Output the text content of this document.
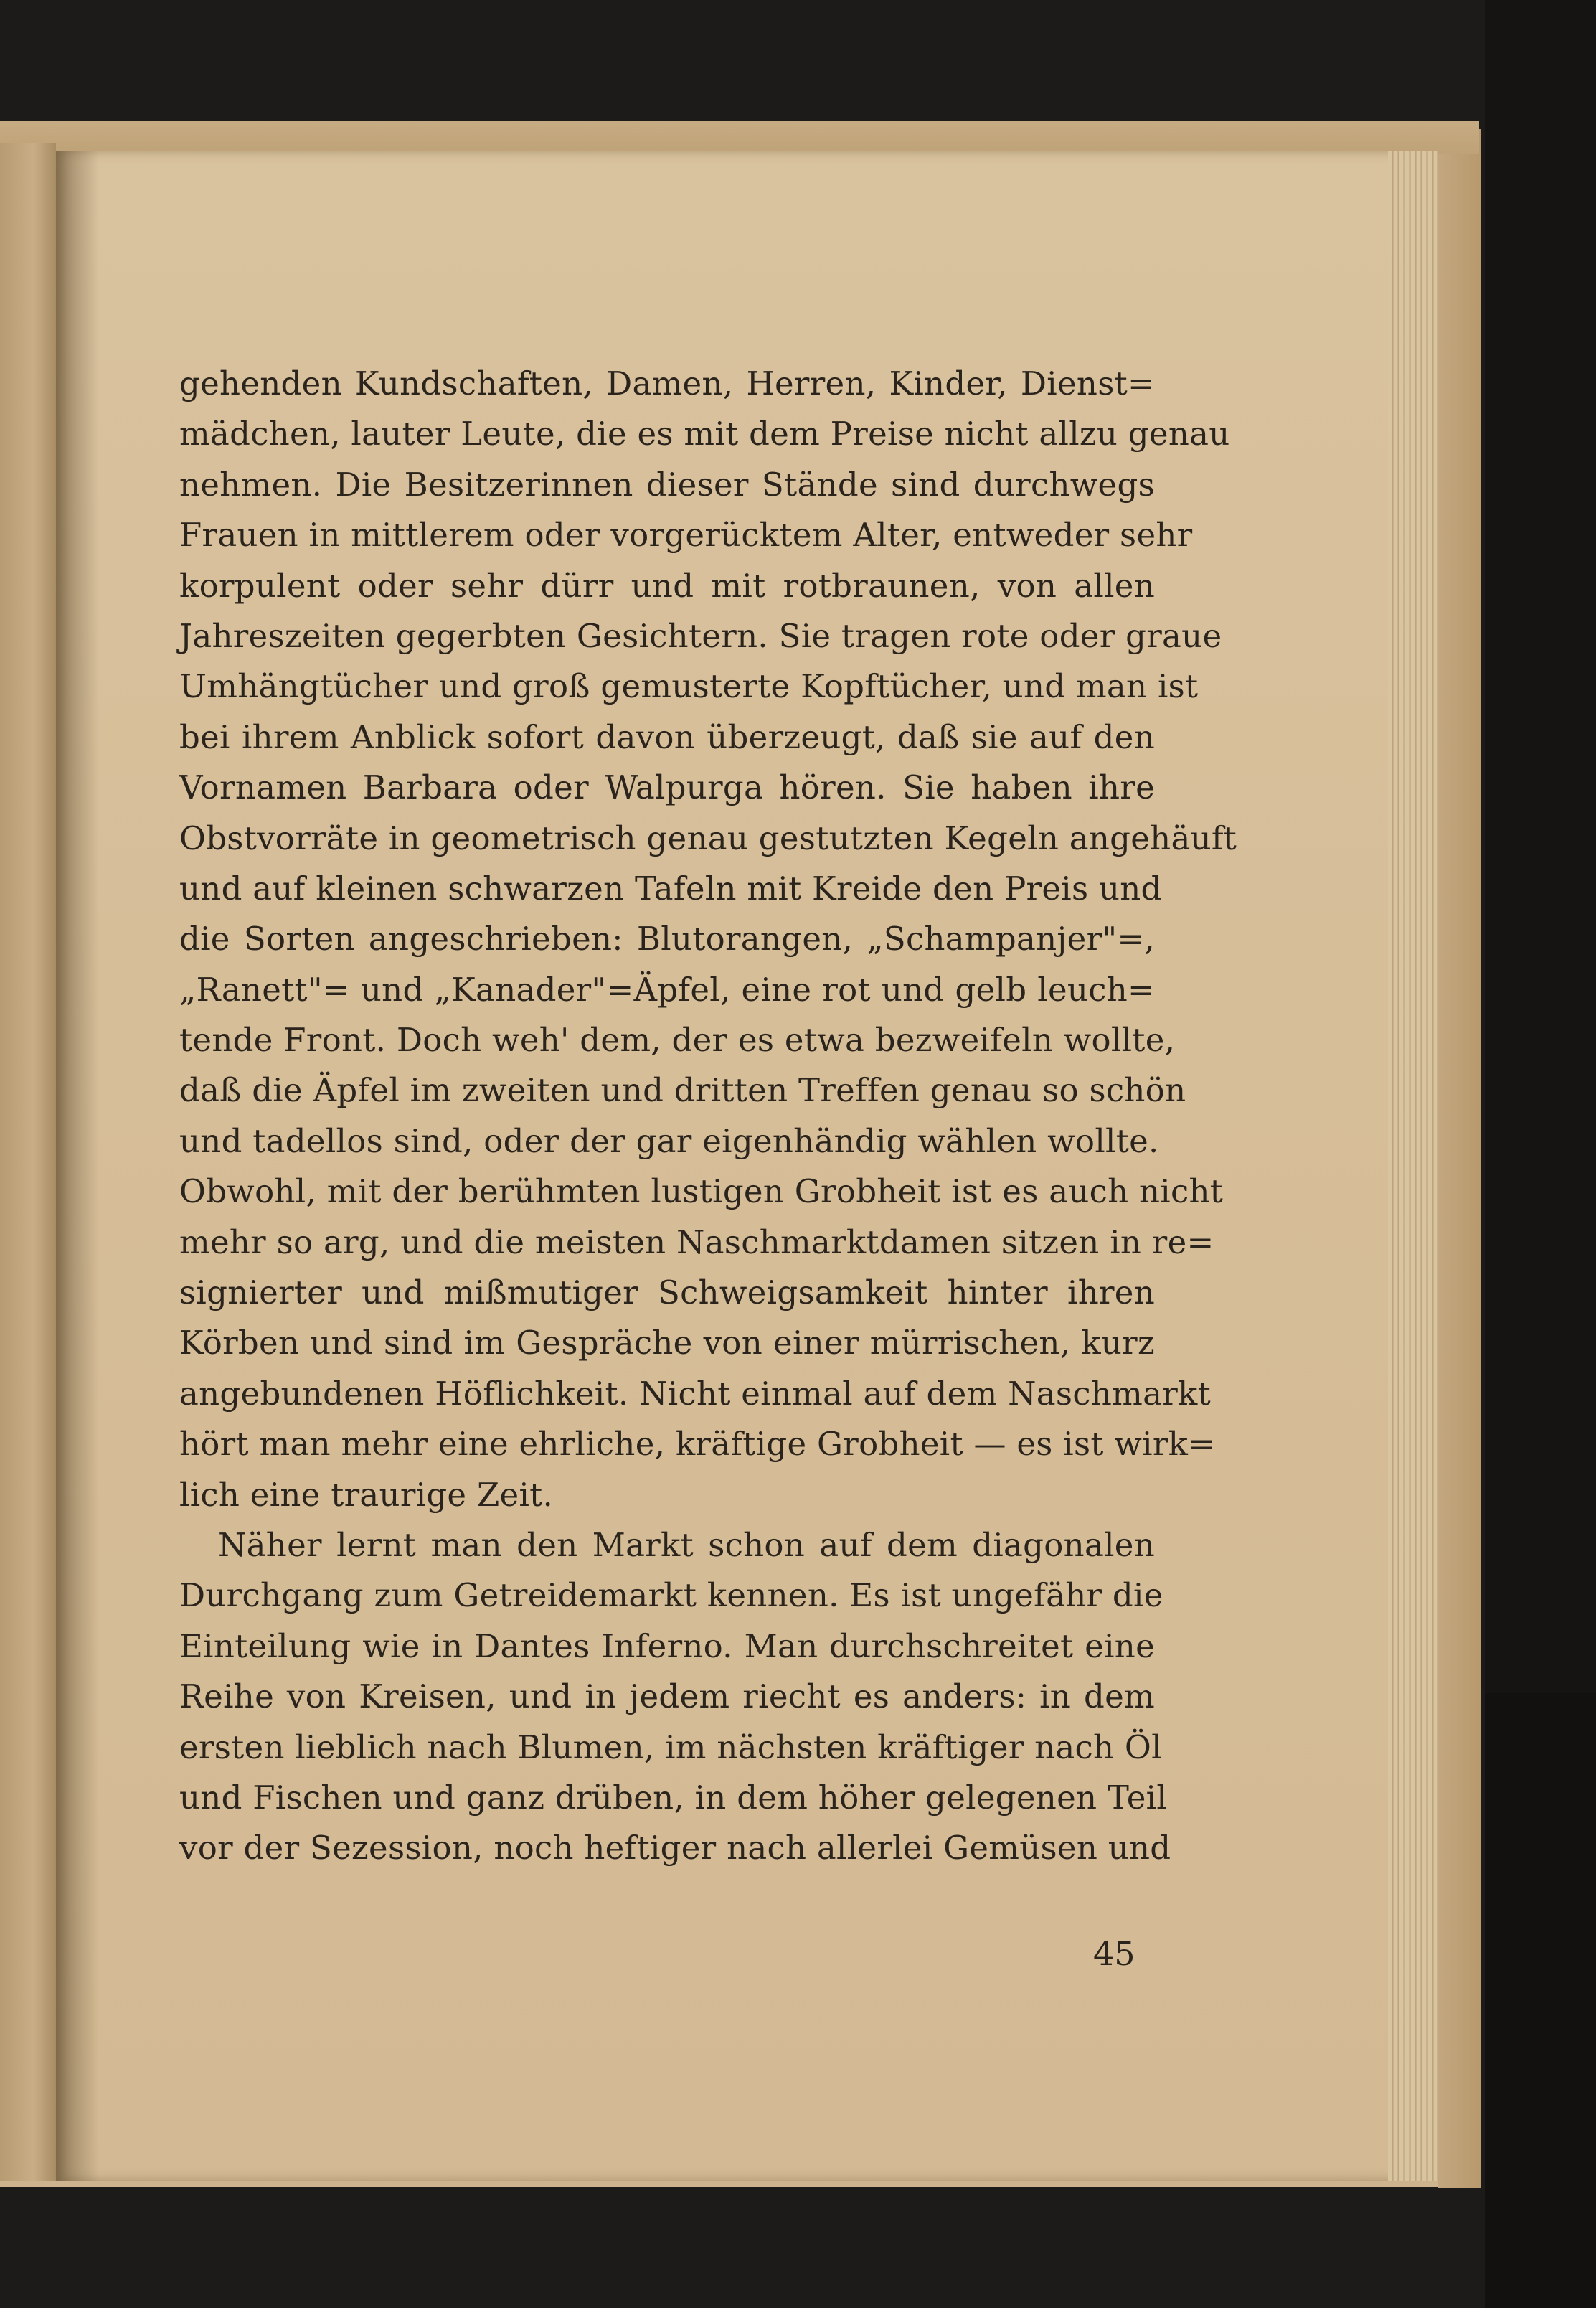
gehenden Kundschaften, Damen, Herren, Kinder, Dienst=
mädchen, lauter Leute, die es mit dem Preise nicht allzu genau
nehmen. Die Besitzerinnen dieser Stände sind durchwegs
Frauen in mittlerem oder vorgerücktem Alter, entweder sehr
korpulent oder sehr dürr und mit rotbraunen, von allen
Jahreszeiten gegerbten Gesichtern. Sie tragen rote oder graue
Umhängtücher und groß gemusterte Kopftücher, und man ist
bei ihrem Anblick sofort davon überzeugt, daß sie auf den
Vornamen Barbara oder Walpurga hören. Sie haben ihre
Obstvorräte in geometrisch genau gestutzten Kegeln angehäuft
und auf kleinen schwarzen Tafeln mit Kreide den Preis und
die Sorten angeschrieben: Blutorangen, „Schampanjer"=,
„Ranett"= und „Kanader"=Äpfel, eine rot und gelb leuch=
tende Front. Doch weh' dem, der es etwa bezweifeln wollte,
daß die Äpfel im zweiten und dritten Treffen genau so schön
und tadellos sind, oder der gar eigenhändig wählen wollte.
Obwohl, mit der berühmten lustigen Grobheit ist es auch nicht
mehr so arg, und die meisten Naschmarktdamen sitzen in re=
signierter und mißmutiger Schweigsamkeit hinter ihren
Körben und sind im Gespräche von einer mürrischen, kurz
angebundenen Höflichkeit. Nicht einmal auf dem Naschmarkt
hört man mehr eine ehrliche, kräftige Grobheit — es ist wirk=
lich eine traurige Zeit.
Näher lernt man den Markt schon auf dem diagonalen
Durchgang zum Getreidemarkt kennen. Es ist ungefähr die
Einteilung wie in Dantes Inferno. Man durchschreitet eine
Reihe von Kreisen, und in jedem riecht es anders: in dem
ersten lieblich nach Blumen, im nächsten kräftiger nach Öl
und Fischen und ganz drüben, in dem höher gelegenen Teil
vor der Sezession, noch heftiger nach allerlei Gemüsen und
45
